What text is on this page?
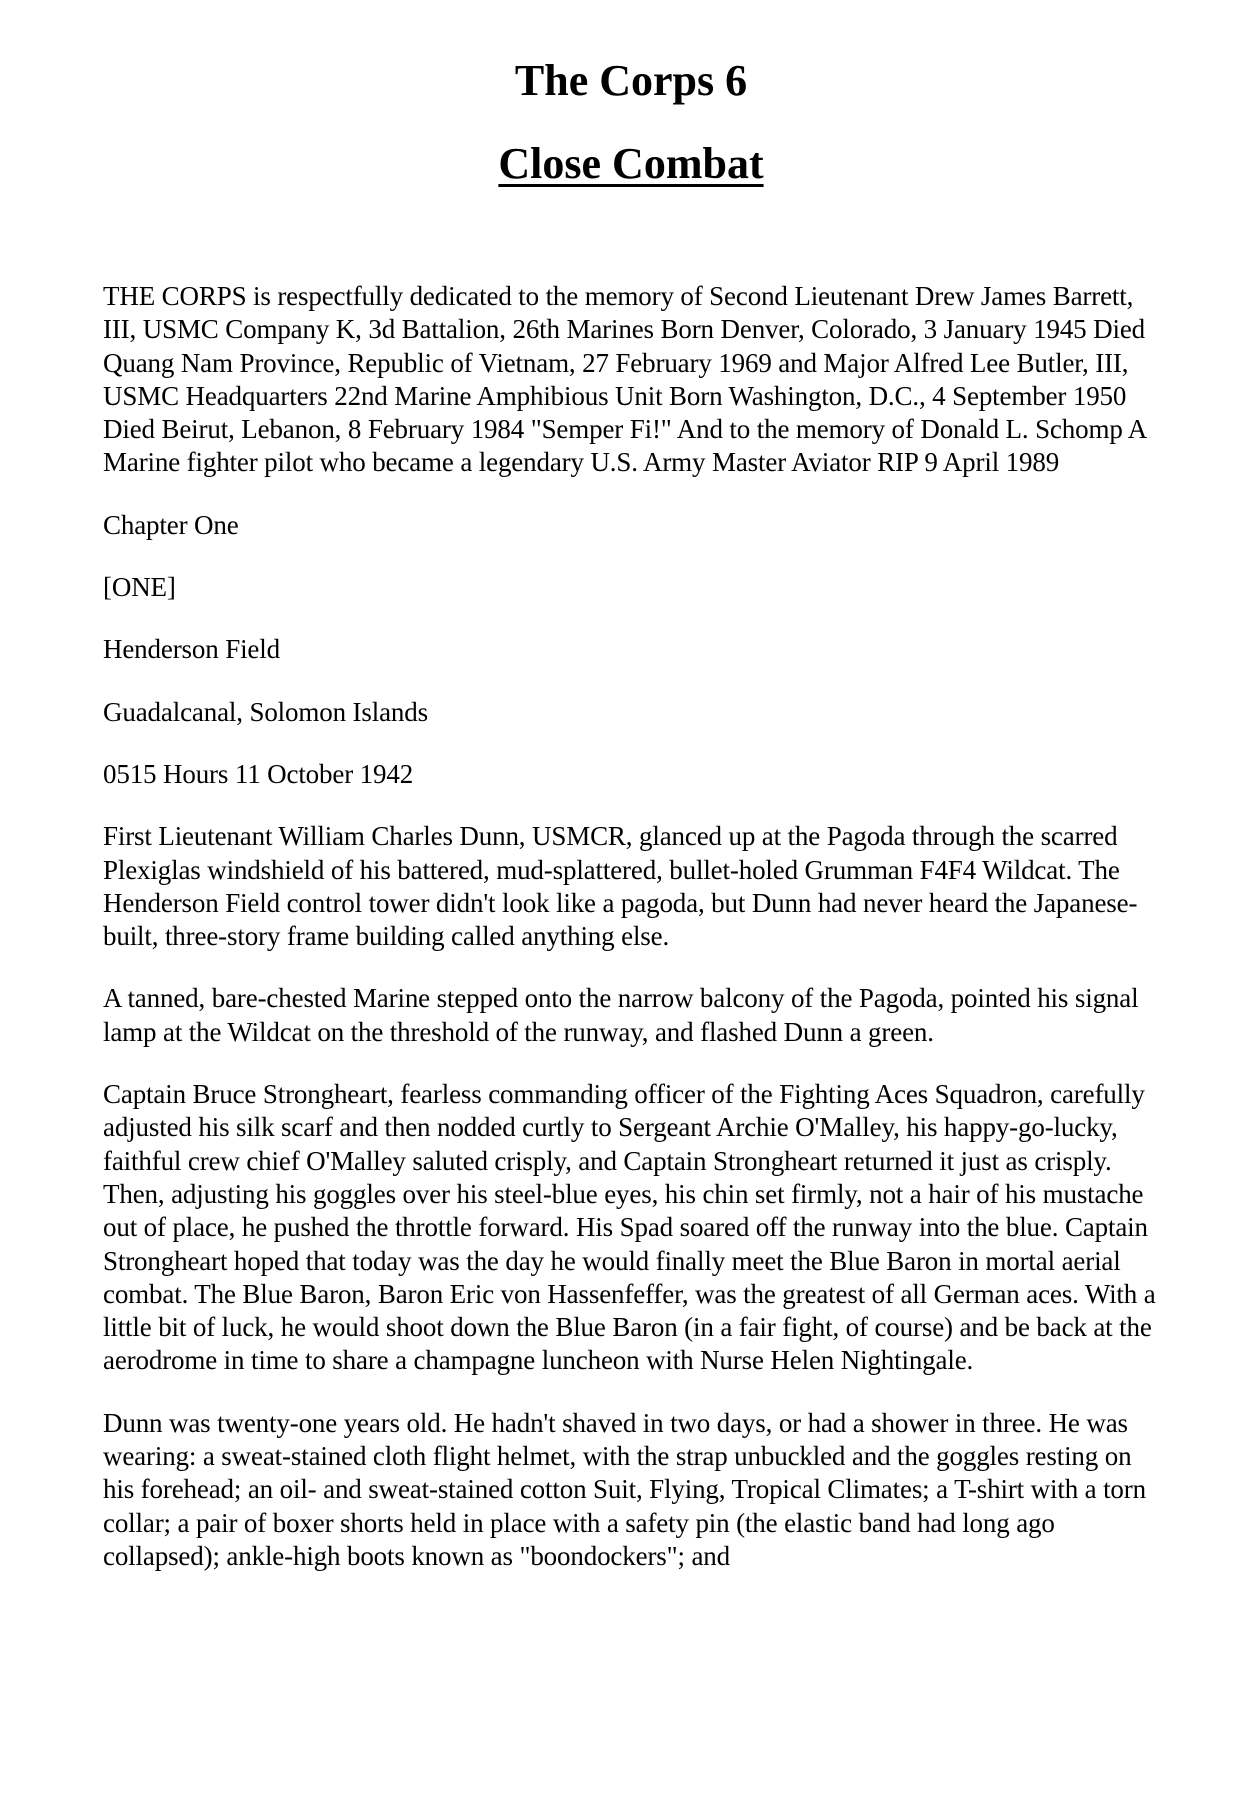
The Corps 6
Close Combat

THE CORPS is respectfully dedicated to the memory of Second Lieutenant Drew James Barrett, III, USMC Company K, 3d Battalion, 26th Marines Born Denver, Colorado, 3 January 1945 Died Quang Nam Province, Republic of Vietnam, 27 February 1969 and Major Alfred Lee Butler, III, USMC Headquarters 22nd Marine Amphibious Unit Born Washington, D.C., 4 September 1950 Died Beirut, Lebanon, 8 February 1984 "Semper Fi!" And to the memory of Donald L. Schomp A Marine fighter pilot who became a legendary U.S. Army Master Aviator RIP 9 April 1989

Chapter One

[ONE]

Henderson Field

Guadalcanal, Solomon Islands

0515 Hours 11 October 1942

First Lieutenant William Charles Dunn, USMCR, glanced up at the Pagoda through the scarred Plexiglas windshield of his battered, mud-splattered, bullet-holed Grumman F4F4 Wildcat. The Henderson Field control tower didn't look like a pagoda, but Dunn had never heard the Japanese-built, three-story frame building called anything else.

A tanned, bare-chested Marine stepped onto the narrow balcony of the Pagoda, pointed his signal lamp at the Wildcat on the threshold of the runway, and flashed Dunn a green.

Captain Bruce Strongheart, fearless commanding officer of the Fighting Aces Squadron, carefully adjusted his silk scarf and then nodded curtly to Sergeant Archie O'Malley, his happy-go-lucky, faithful crew chief O'Malley saluted crisply, and Captain Strongheart returned it just as crisply. Then, adjusting his goggles over his steel-blue eyes, his chin set firmly, not a hair of his mustache out of place, he pushed the throttle forward. His Spad soared off the runway into the blue. Captain Strongheart hoped that today was the day he would finally meet the Blue Baron in mortal aerial combat. The Blue Baron, Baron Eric von Hassenfeffer, was the greatest of all German aces. With a little bit of luck, he would shoot down the Blue Baron (in a fair fight, of course) and be back at the aerodrome in time to share a champagne luncheon with Nurse Helen Nightingale.

Dunn was twenty-one years old. He hadn't shaved in two days, or had a shower in three. He was wearing: a sweat-stained cloth flight helmet, with the strap unbuckled and the goggles resting on his forehead; an oil- and sweat-stained cotton Suit, Flying, Tropical Climates; a T-shirt with a torn collar; a pair of boxer shorts held in place with a safety pin (the elastic band had long ago collapsed); ankle-high boots known as "boondockers"; and
